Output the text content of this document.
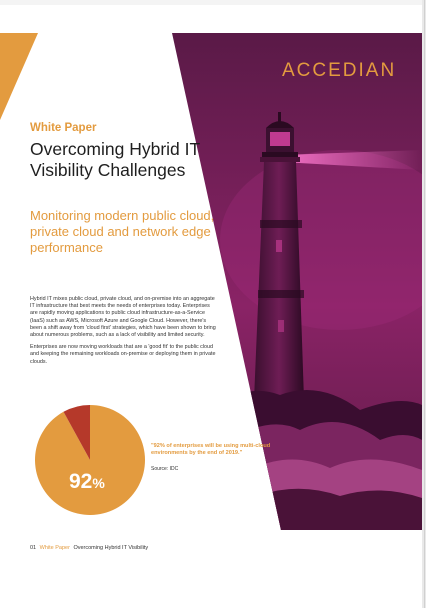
ACCEDIAN
White Paper
Overcoming Hybrid IT Visibility Challenges
Monitoring modern public cloud, private cloud and network edge performance

Hybrid IT mixes public cloud, private cloud, and on-premise into an aggregate IT infrastructure that best meets the needs of enterprises today. Enterprises are rapidly moving applications to public cloud infrastructure-as-a-Service (IaaS) such as AWS, Microsoft Azure and Google Cloud. However, there's been a shift away from 'cloud first' strategies, which have been shown to bring about numerous problems, such as a lack of visibility and limited security.

Enterprises are now moving workloads that are a 'good fit' to the public cloud and keeping the remaining workloads on-premise or deploying them in private clouds.

92%
"92% of enterprises will be using multi-cloud environments by the end of 2019."
Source: IDC
01 White Paper Overcoming Hybrid IT Visibility
